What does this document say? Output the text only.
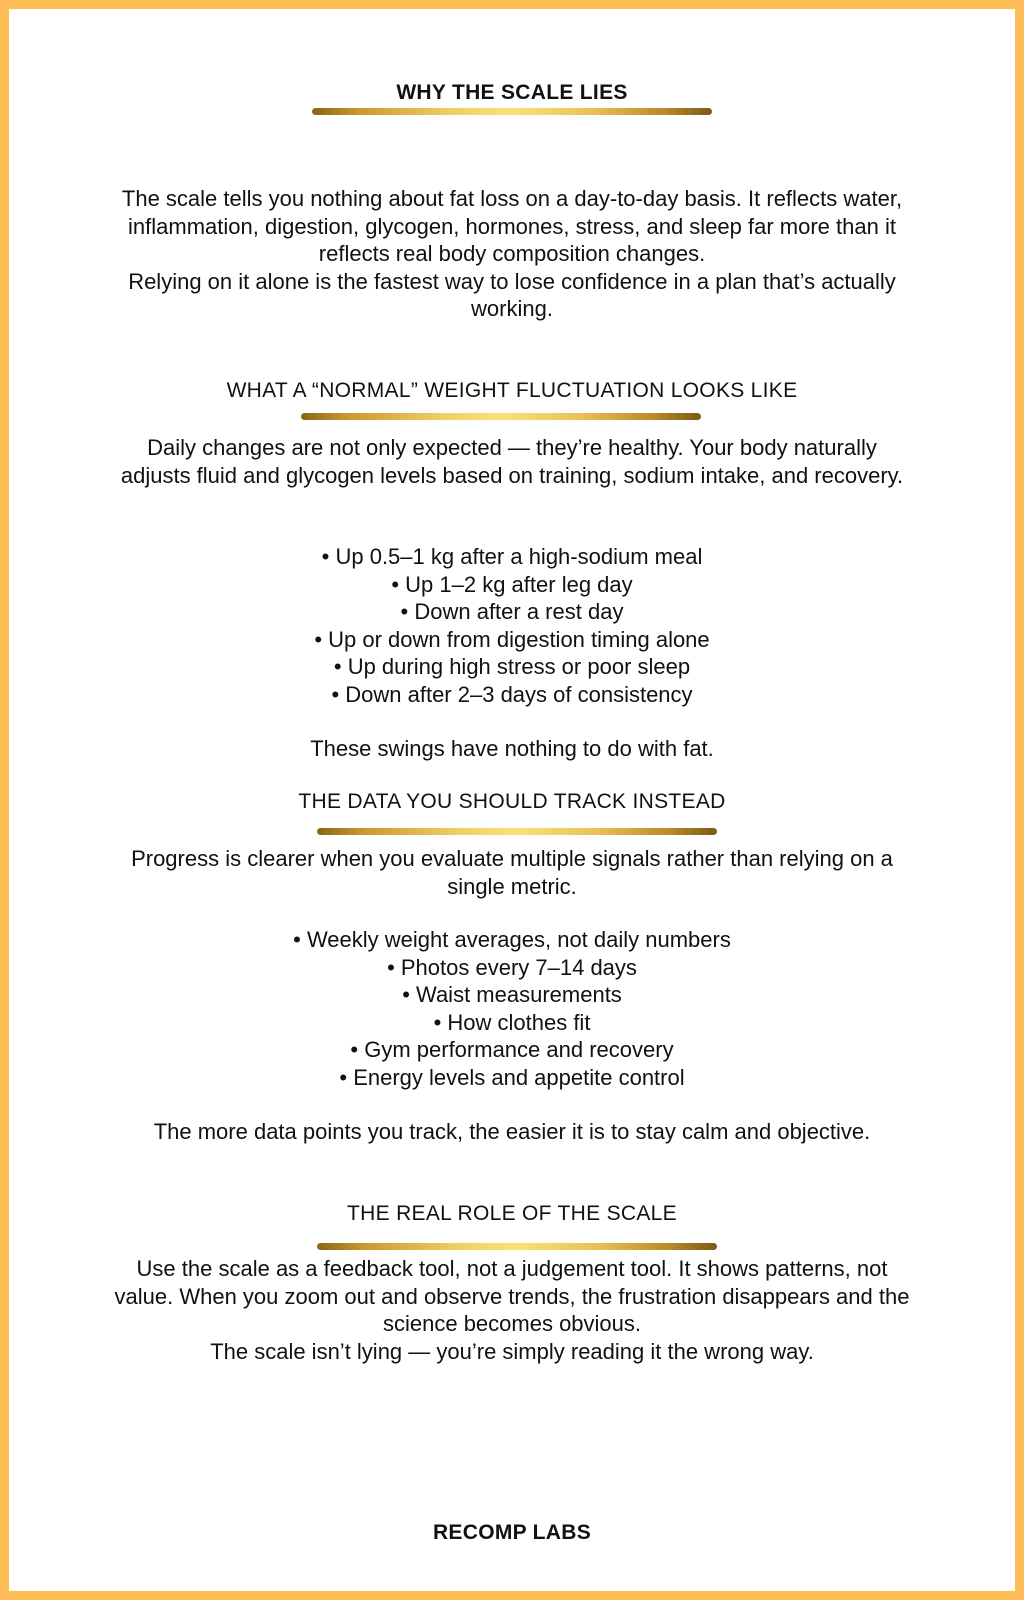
WHY THE SCALE LIES
The scale tells you nothing about fat loss on a day-to-day basis. It reflects water, inflammation, digestion, glycogen, hormones, stress, and sleep far more than it reflects real body composition changes.
Relying on it alone is the fastest way to lose confidence in a plan that’s actually working.
WHAT A “NORMAL” WEIGHT FLUCTUATION LOOKS LIKE
Daily changes are not only expected — they’re healthy. Your body naturally adjusts fluid and glycogen levels based on training, sodium intake, and recovery.
• Up 0.5–1 kg after a high-sodium meal
• Up 1–2 kg after leg day
• Down after a rest day
• Up or down from digestion timing alone
• Up during high stress or poor sleep
• Down after 2–3 days of consistency
These swings have nothing to do with fat.
THE DATA YOU SHOULD TRACK INSTEAD
Progress is clearer when you evaluate multiple signals rather than relying on a single metric.
• Weekly weight averages, not daily numbers
• Photos every 7–14 days
• Waist measurements
• How clothes fit
• Gym performance and recovery
• Energy levels and appetite control
The more data points you track, the easier it is to stay calm and objective.
THE REAL ROLE OF THE SCALE
Use the scale as a feedback tool, not a judgement tool. It shows patterns, not value. When you zoom out and observe trends, the frustration disappears and the science becomes obvious.
The scale isn’t lying — you’re simply reading it the wrong way.
RECOMP LABS
